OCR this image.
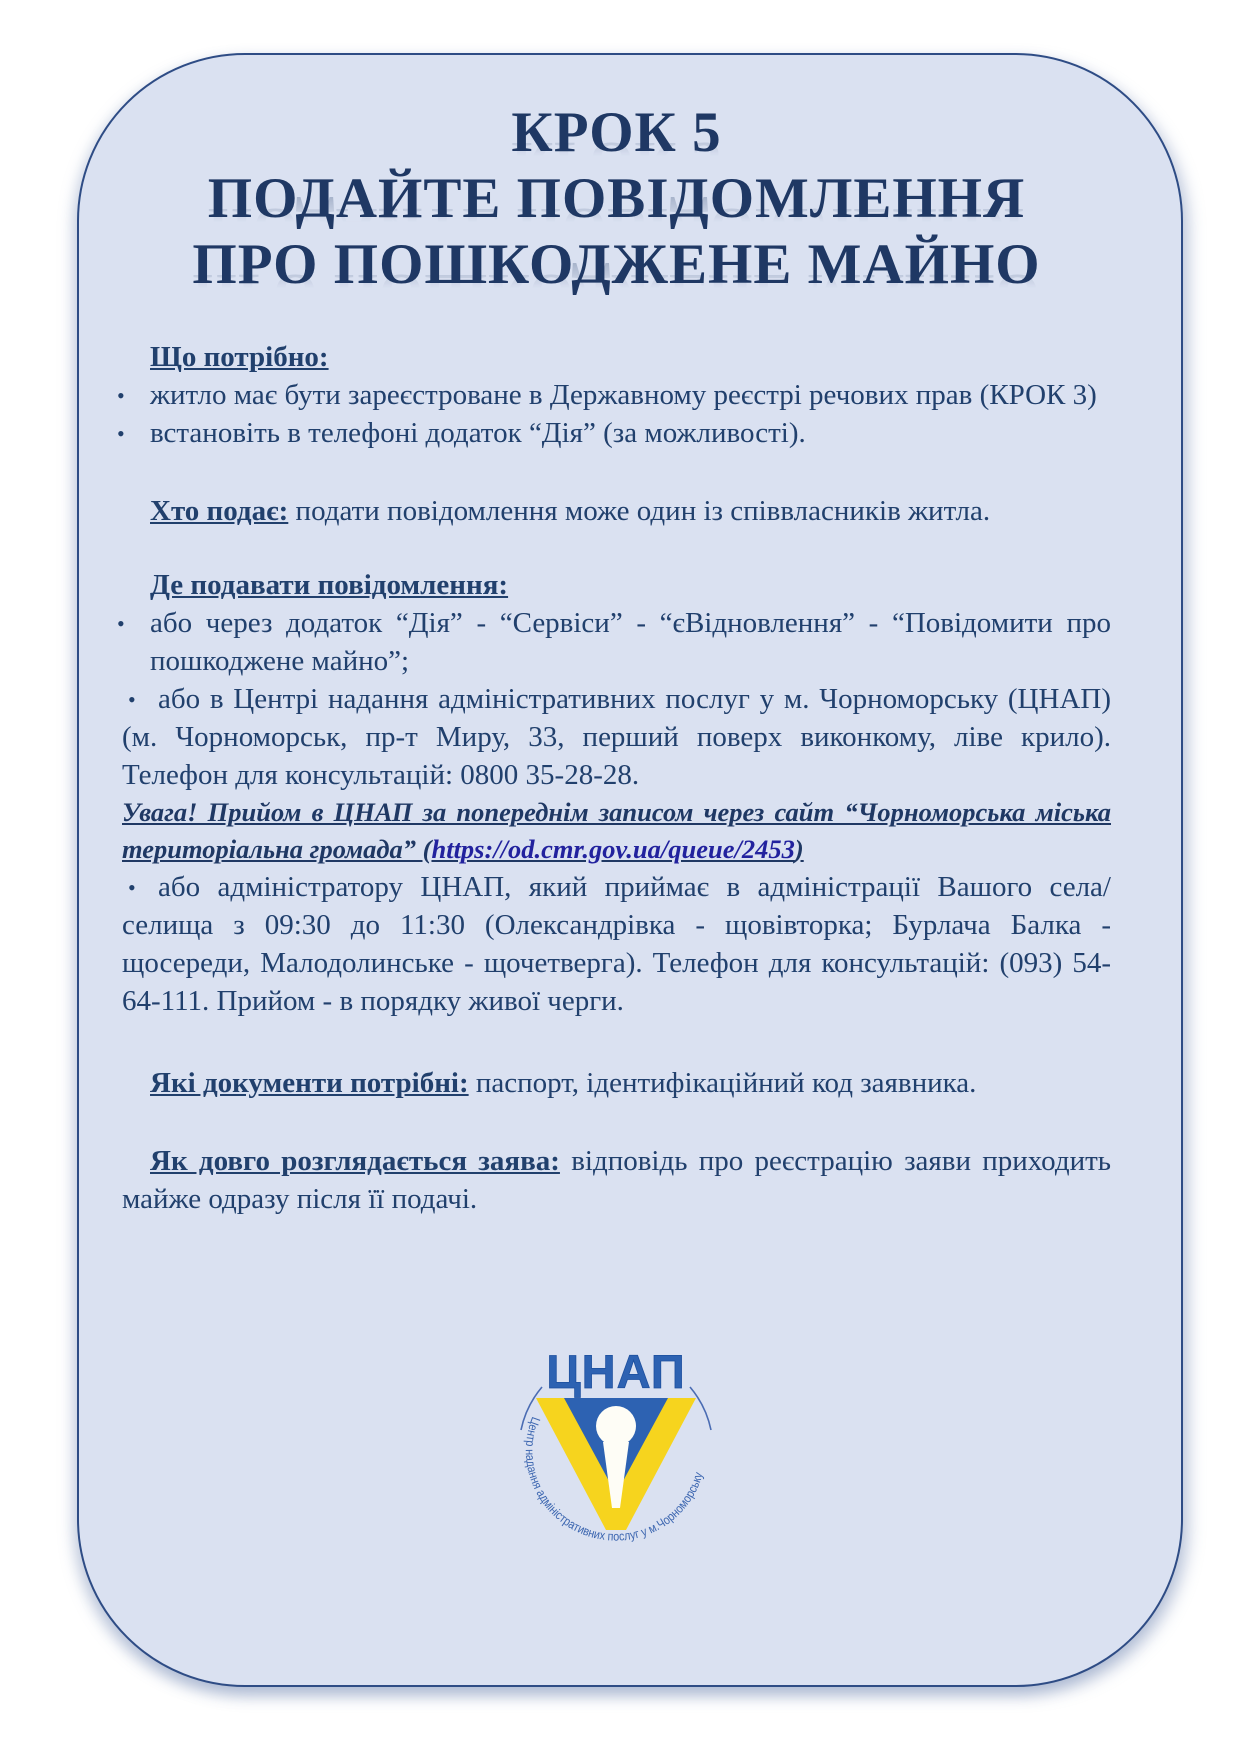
КРОК 5
ПОДАЙТЕ ПОВІДОМЛЕННЯ
ПРО ПОШКОДЖЕНЕ МАЙНО

Що потрібно:

• житло має бути зареєстроване в Державному реєстрі речових прав (КРОК 3)

• встановіть в телефоні додаток “Дія” (за можливості).

Хто подає: подати повідомлення може один із співвласників житла.

Де подавати повідомлення:

• або через додаток “Дія” - “Сервіси” - “єВідновлення” - “Повідомити про пошкоджене майно”;

• або в Центрі надання адміністративних послуг у м. Чорноморську (ЦНАП) (м. Чорноморськ, пр-т Миру, 33, перший поверх виконкому, ліве крило). Телефон для консультацій: 0800 35-28-28.

Увага! Прийом в ЦНАП за попереднім записом через сайт “Чорноморська міська територіальна громада” (https://od.cmr.gov.ua/queue/2453)

• або адміністратору ЦНАП, який приймає в адміністрації Вашого села/селища з 09:30 до 11:30 (Олександрівка - щовівторка; Бурлача Балка - щосереди, Малодолинське - щочетверга). Телефон для консультацій: (093) 54-64-111. Прийом - в порядку живої черги.

Які документи потрібні: паспорт, ідентифікаційний код заявника.

Як довго розглядається заява: відповідь про реєстрацію заяви приходить майже одразу після її подачі.

Центр надання адміністративних послуг у м.Чорноморську
ЦНАП
